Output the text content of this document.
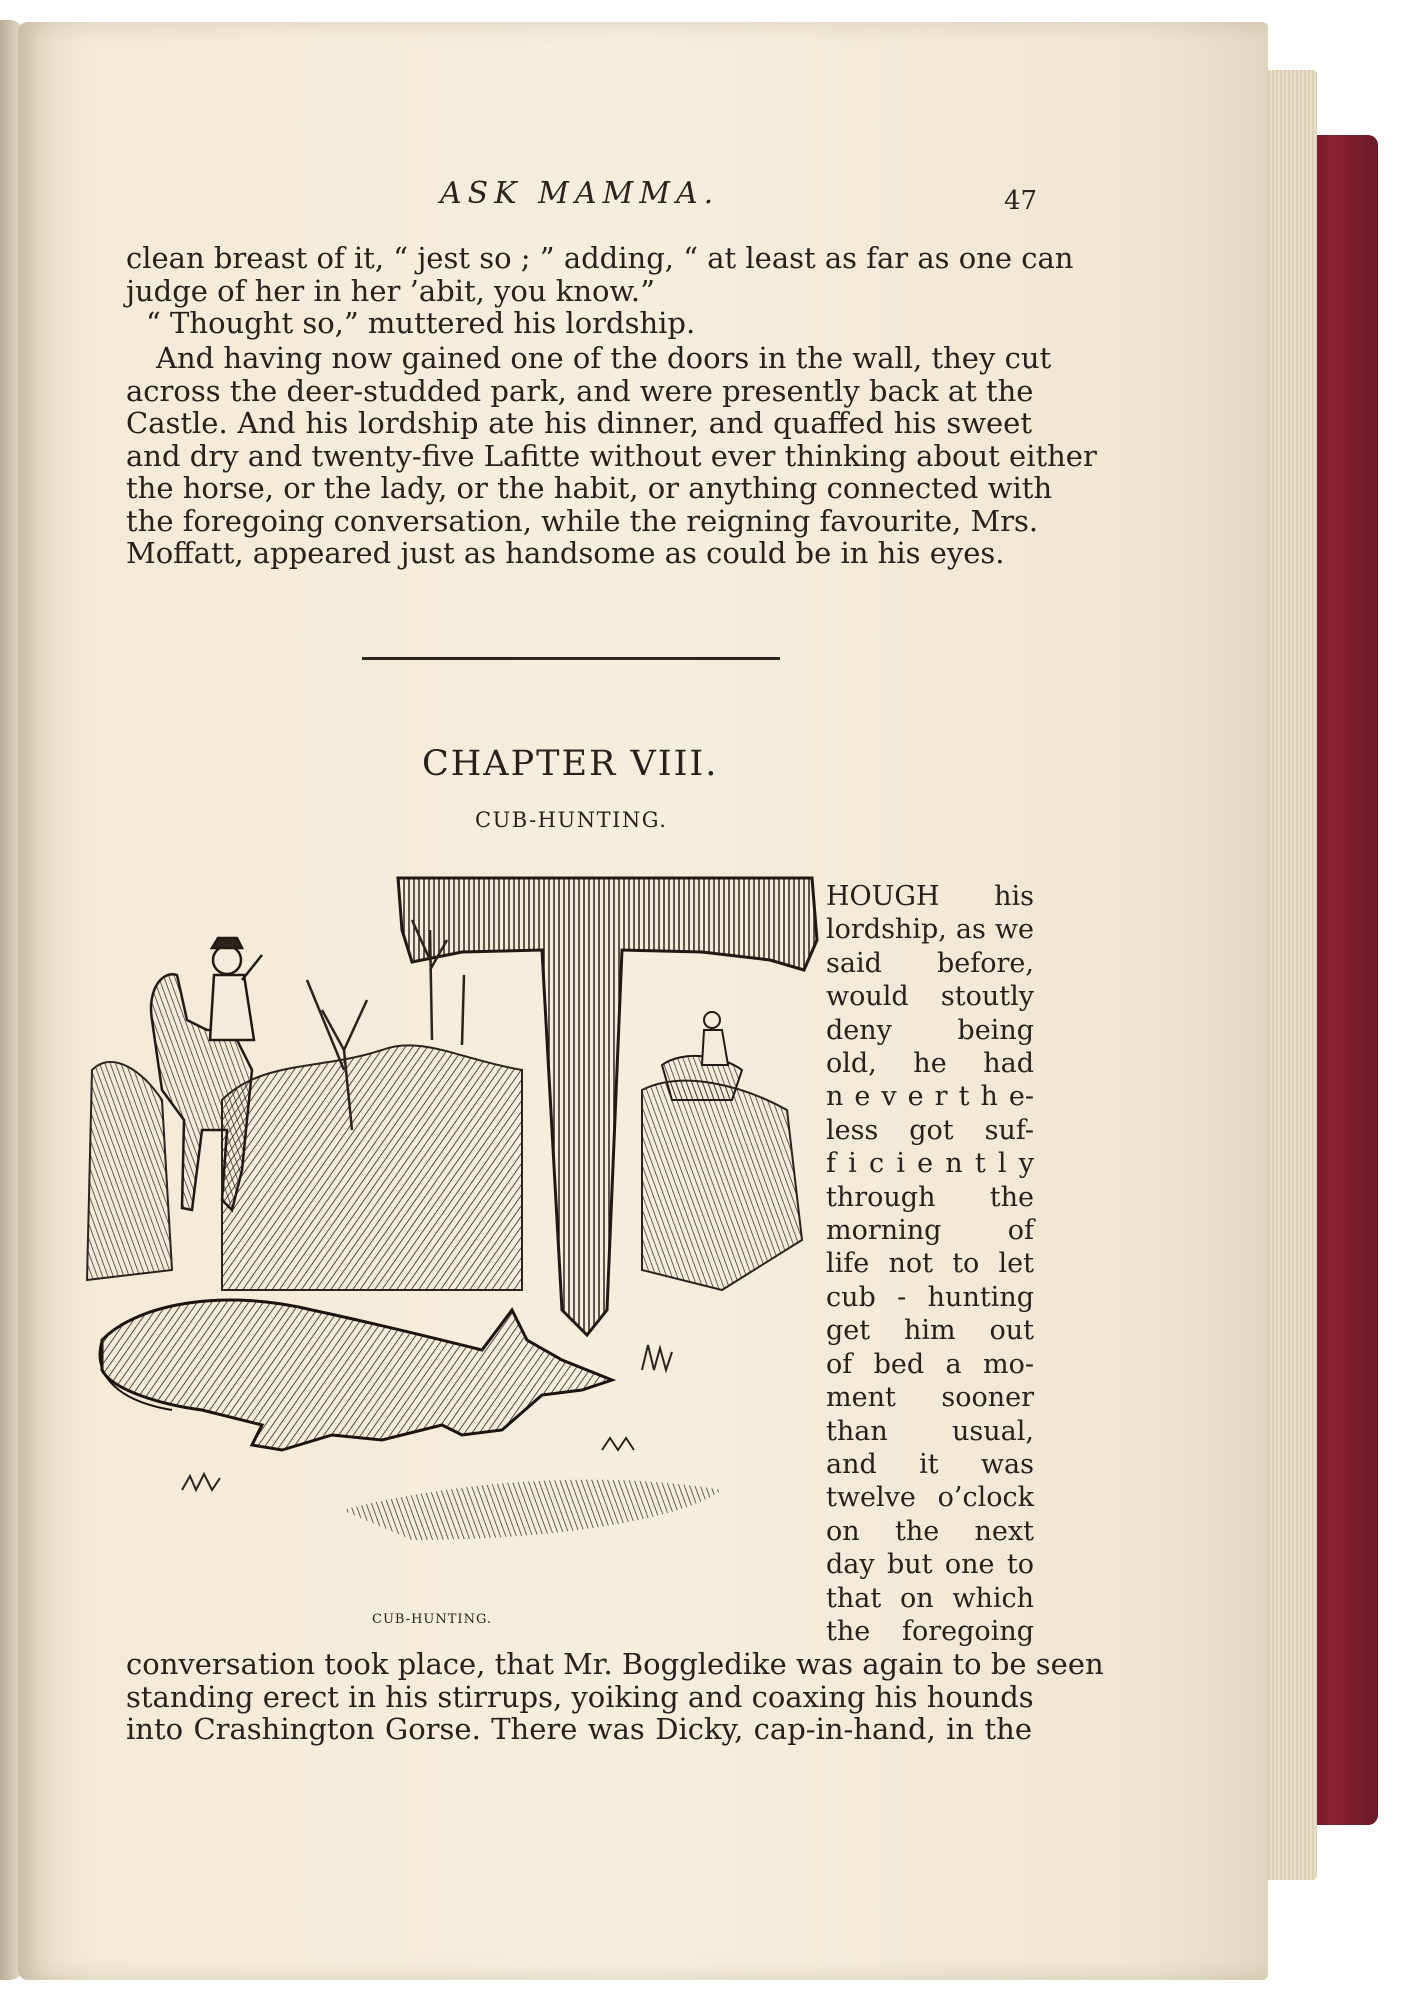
ASK MAMMA.	47

clean breast of it, “ jest so ; ” adding, “ at least as far as one can
judge of her in her ’abit, you know.”
“ Thought so,” muttered his lordship.

And having now gained one of the doors in the wall, they cut
across the deer-studded park, and were presently back at the
Castle. And his lordship ate his dinner, and quaffed his sweet
and dry and twenty-five Lafitte without ever thinking about either
the horse, or the lady, or the habit, or anything connected with
the foregoing conversation, while the reigning favourite, Mrs.
Moffatt, appeared just as handsome as could be in his eyes.

CHAPTER VIII.
CUB-HUNTING.
T
CUB-HUNTING.

HOUGH his
lordship, as we
said before,
would stoutly
deny being
old, he had
n e v e r t h e-
less got suf-
f i c i e n t l y
through the
morning of
life not to let
cub - hunting
get him out
of bed a mo-
ment sooner
than usual,
and it was
twelve o’clock
on the next
day but one to
that on which
the foregoing

conversation took place, that Mr. Boggledike was again to be seen
standing erect in his stirrups, yoiking and coaxing his hounds
into Crashington Gorse. There was Dicky, cap-in-hand, in the
